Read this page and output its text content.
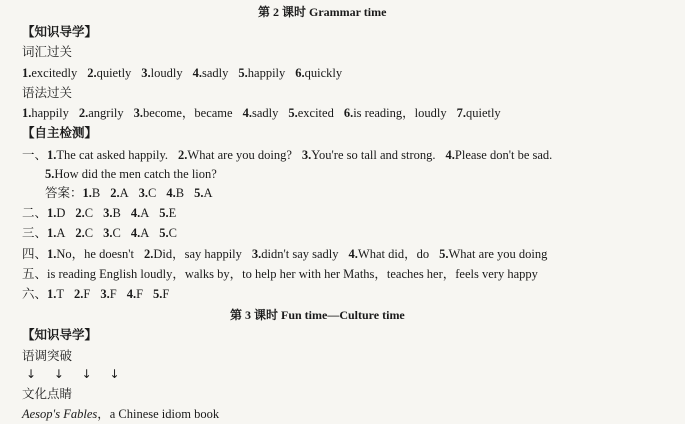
第 2 课时 Grammar time
【知识导学】
词汇过关
1.excitedly 2.quietly 3.loudly 4.sadly 5.happily 6.quickly
语法过关
1.happily 2.angrily 3.become，became 4.sadly 5.excited 6.is reading，loudly 7.quietly
【自主检测】
一、1.The cat asked happily. 2.What are you doing? 3.You're so tall and strong. 4.Please don't be sad.
5.How did the men catch the lion?
答案：1.B 2.A 3.C 4.B 5.A
二、1.D 2.C 3.B 4.A 5.E
三、1.A 2.C 3.C 4.A 5.C
四、1.No，he doesn't 2.Did，say happily 3.didn't say sadly 4.What did，do 5.What are you doing
五、is reading English loudly，walks by，to help her with her Maths，teaches her，feels very happy
六、1.T 2.F 3.F 4.F 5.F
第 3 课时 Fun time—Culture time
【知识导学】
语调突破
↓ ↓ ↓ ↓
文化点睛
Aesop's Fables，a Chinese idiom book
